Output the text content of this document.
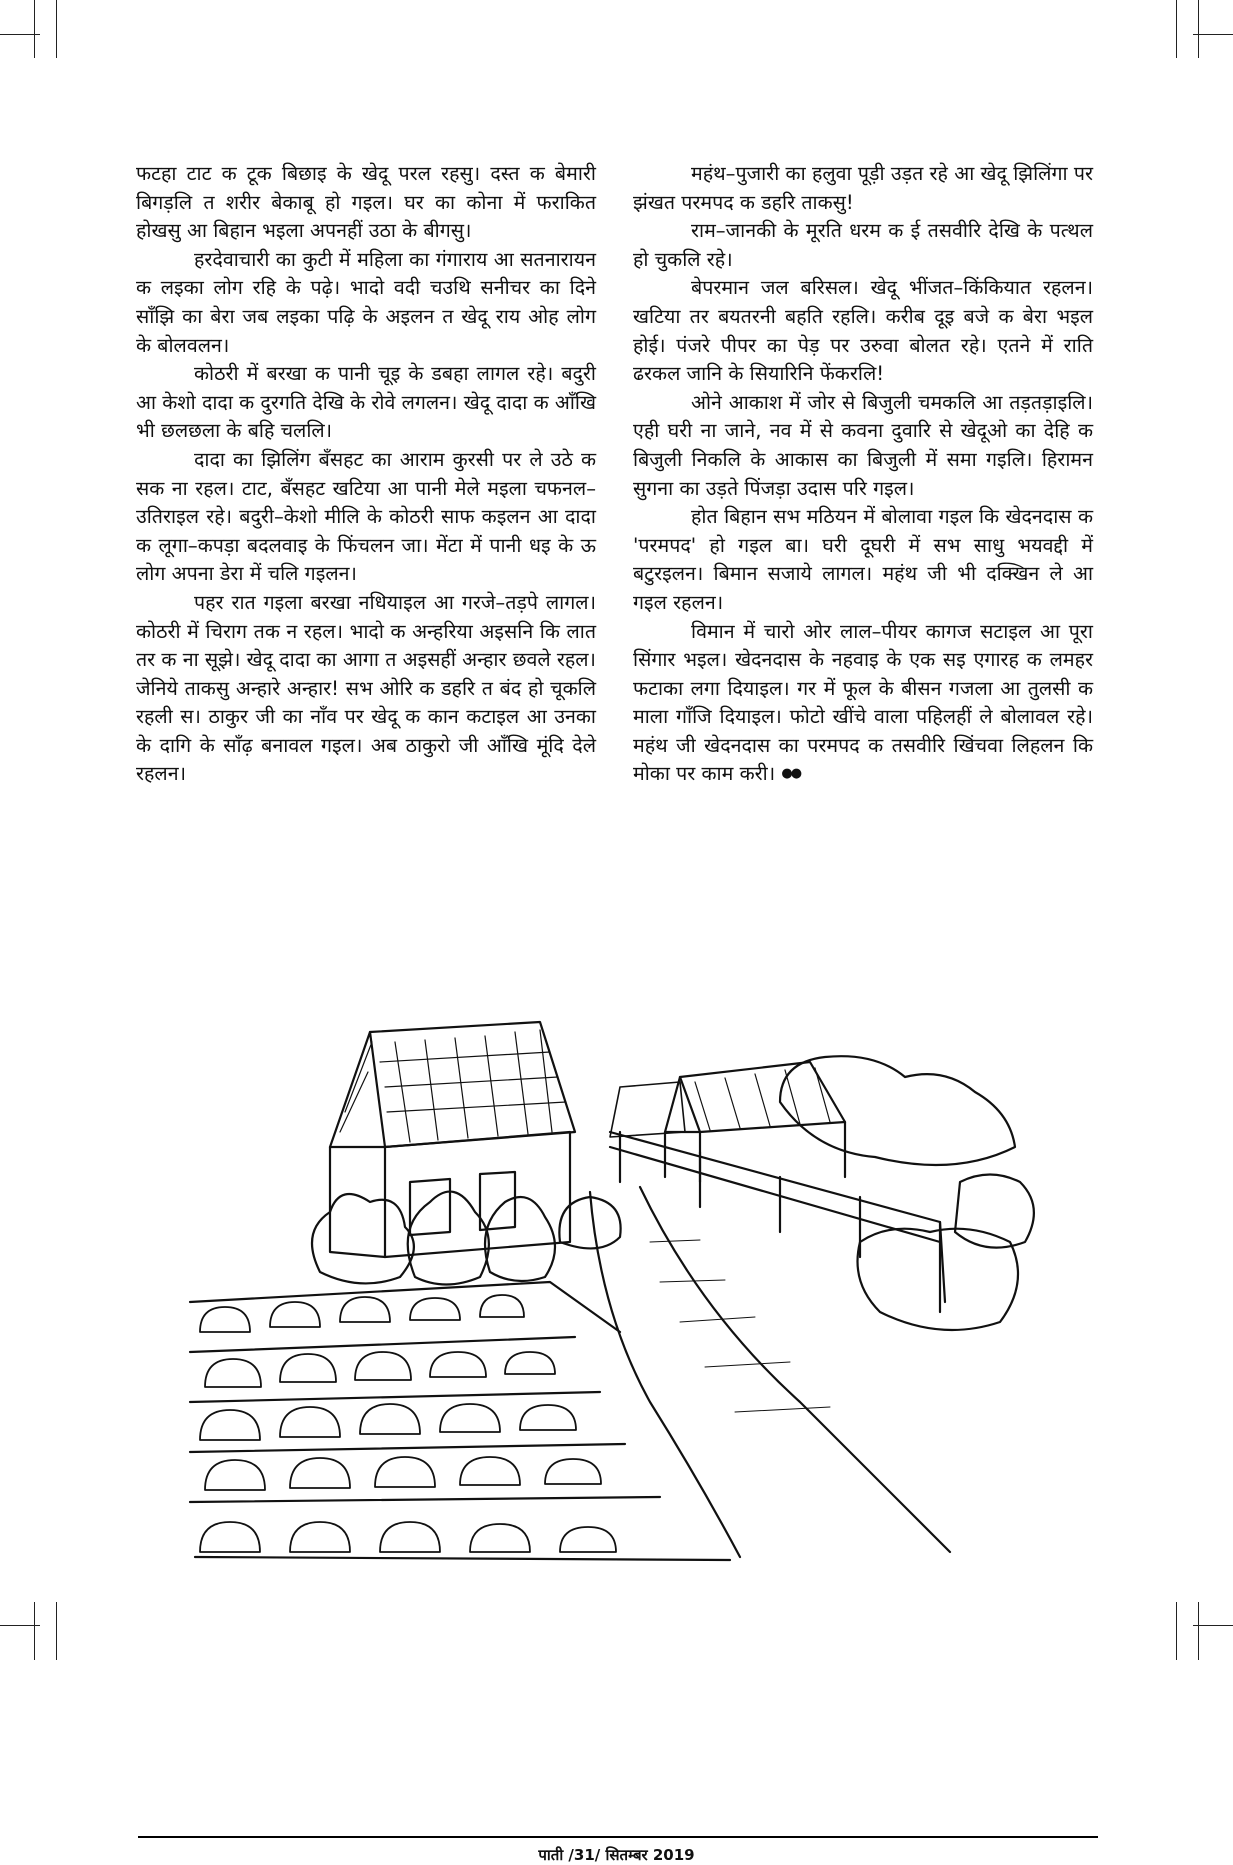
फटहा टाट क टूक बिछाइ के खेदू परल रहसु। दस्त क बेमारी बिगड़लि त शरीर बेकाबू हो गइल। घर का कोना में फराकित होखसु आ बिहान भइला अपनहीं उठा के बीगसु।

हरदेवाचारी का कुटी में महिला का गंगाराय आ सतनारायन क लइका लोग रहि के पढ़े। भादो वदी चउथि सनीचर का दिने साँझि का बेरा जब लइका पढ़ि के अइलन त खेदू राय ओह लोग के बोलवलन।

कोठरी में बरखा क पानी चूइ के डबहा लागल रहे। बदुरी आ केशो दादा क दुरगति देखि के रोवे लगलन। खेदू दादा क आँखि भी छलछला के बहि चललि।

दादा का झिलिंग बँसहट का आराम कुरसी पर ले उठे क सक ना रहल। टाट, बँसहट खटिया आ पानी मेले मइला चफनल–उतिराइल रहे। बदुरी–केशो मीलि के कोठरी साफ कइलन आ दादा क लूगा–कपड़ा बदलवाइ के फिंचलन जा। मेंटा में पानी धइ के ऊ लोग अपना डेरा में चलि गइलन।

पहर रात गइला बरखा नधियाइल आ गरजे–तड़पे लागल। कोठरी में चिराग तक न रहल। भादो क अन्हरिया अइसनि कि लात तर क ना सूझे। खेदू दादा का आगा त अइसहीं अन्हार छवले रहल। जेनिये ताकसु अन्हारे अन्हार! सभ ओरि क डहरि त बंद हो चूकलि रहली स। ठाकुर जी का नाँव पर खेदू क कान कटाइल आ उनका के दागि के साँढ़ बनावल गइल। अब ठाकुरो जी आँखि मूंदि देले रहलन।

महंथ–पुजारी का हलुवा पूड़ी उड़त रहे आ खेदू झिलिंगा पर झंखत परमपद क डहरि ताकसु!

राम–जानकी के मूरति धरम क ई तसवीरि देखि के पत्थल हो चुकलि रहे।

बेपरमान जल बरिसल। खेदू भींजत–किंकियात रहलन। खटिया तर बयतरनी बहति रहलि। करीब दूइ बजे क बेरा भइल होई। पंजरे पीपर का पेड़ पर उरुवा बोलत रहे। एतने में राति ढरकल जानि के सियारिनि फेंकरलि!

ओने आकाश में जोर से बिजुली चमकलि आ तड़तड़ाइलि। एही घरी ना जाने, नव में से कवना दुवारि से खेदूओ का देहि क बिजुली निकलि के आकास का बिजुली में समा गइलि। हिरामन सुगना का उड़ते पिंजड़ा उदास परि गइल।

होत बिहान सभ मठियन में बोलावा गइल कि खेदनदास क 'परमपद' हो गइल बा। घरी दूघरी में सभ साधु भयवद्दी में बटुरइलन। बिमान सजाये लागल। महंथ जी भी दक्खिन ले आ गइल रहलन।

विमान में चारो ओर लाल–पीयर कागज सटाइल आ पूरा सिंगार भइल। खेदनदास के नहवाइ के एक सइ एगारह क लमहर फटाका लगा दियाइल। गर में फूल के बीसन गजला आ तुलसी क माला गाँजि दियाइल। फोटो खींचे वाला पहिलहीं ले बोलावल रहे। महंथ जी खेदनदास का परमपद क तसवीरि खिंचवा लिहलन कि मोका पर काम करी। ●●

पाती /31/ सितम्बर 2019
